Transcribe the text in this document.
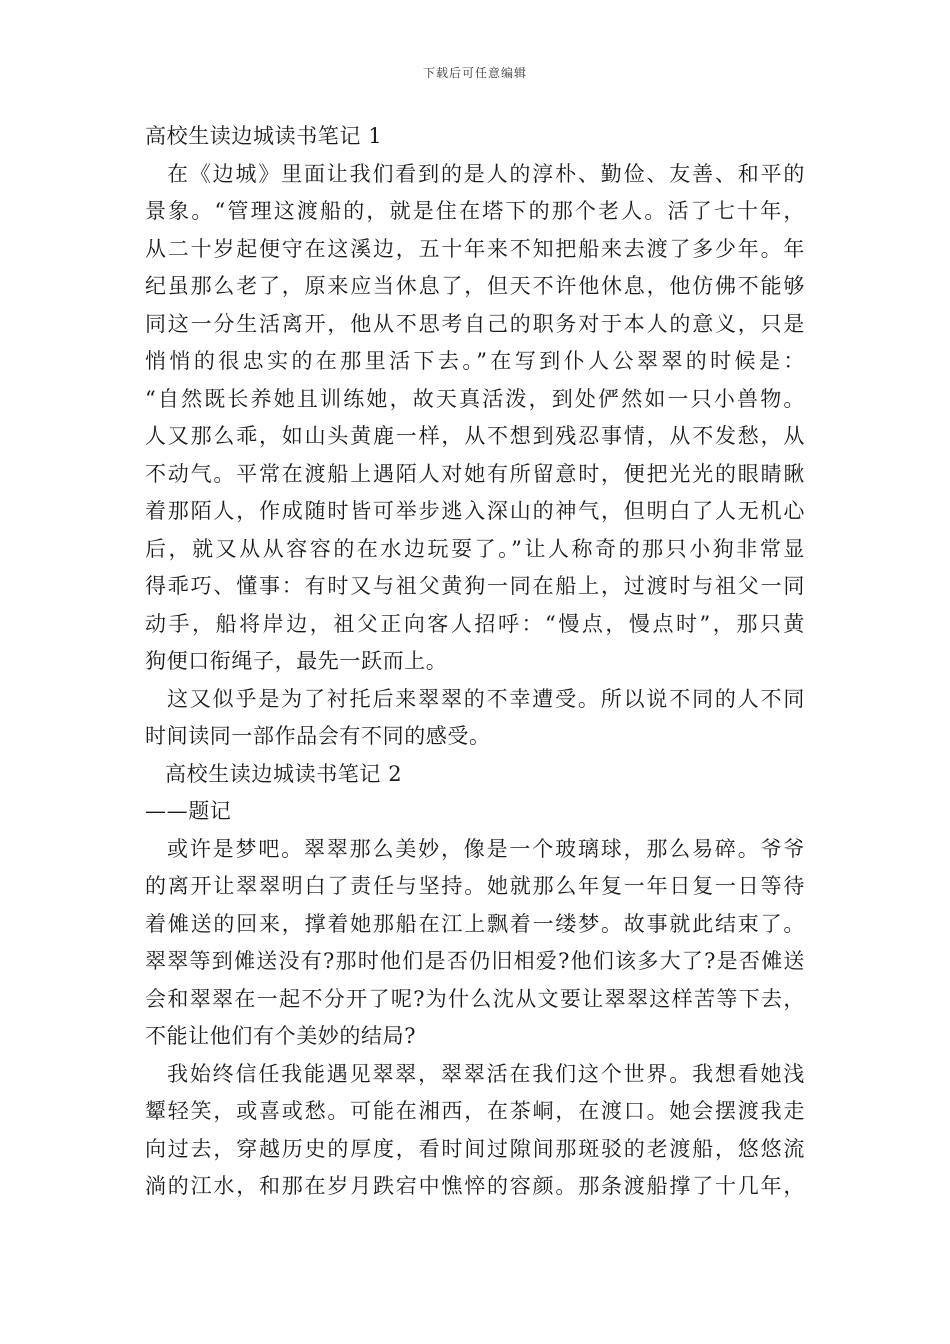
下载后可任意编辑
高校生读边城读书笔记 1
在《边城》里面让我们看到的是人的淳朴、勤俭、友善、和平的
景象。“管理这渡船的，就是住在塔下的那个老人。活了七十年，
从二十岁起便守在这溪边，五十年来不知把船来去渡了多少年。年
纪虽那么老了，原来应当休息了，但天不许他休息，他仿佛不能够
同这一分生活离开，他从不思考自己的职务对于本人的意义，只是
悄悄的很忠实的在那里活下去。”在写到仆人公翠翠的时候是：
“自然既长养她且训练她，故天真活泼，到处俨然如一只小兽物。
人又那么乖，如山头黄鹿一样，从不想到残忍事情，从不发愁，从
不动气。平常在渡船上遇陌人对她有所留意时，便把光光的眼睛瞅
着那陌人，作成随时皆可举步逃入深山的神气，但明白了人无机心
后，就又从从容容的在水边玩耍了。”让人称奇的那只小狗非常显
得乖巧、懂事：有时又与祖父黄狗一同在船上，过渡时与祖父一同
动手，船将岸边，祖父正向客人招呼：“慢点，慢点时”，那只黄
狗便口衔绳子，最先一跃而上。
这又似乎是为了衬托后来翠翠的不幸遭受。所以说不同的人不同
时间读同一部作品会有不同的感受。
高校生读边城读书笔记 2
——题记
或许是梦吧。翠翠那么美妙，像是一个玻璃球，那么易碎。爷爷
的离开让翠翠明白了责任与坚持。她就那么年复一年日复一日等待
着傩送的回来，撑着她那船在江上飘着一缕梦。故事就此结束了。
翠翠等到傩送没有?那时他们是否仍旧相爱?他们该多大了?是否傩送
会和翠翠在一起不分开了呢?为什么沈从文要让翠翠这样苦等下去，
不能让他们有个美妙的结局?
我始终信任我能遇见翠翠，翠翠活在我们这个世界。我想看她浅
颦轻笑，或喜或愁。可能在湘西，在茶峒，在渡口。她会摆渡我走
向过去，穿越历史的厚度，看时间过隙间那斑驳的老渡船，悠悠流
淌的江水，和那在岁月跌宕中憔悴的容颜。那条渡船撑了十几年，
